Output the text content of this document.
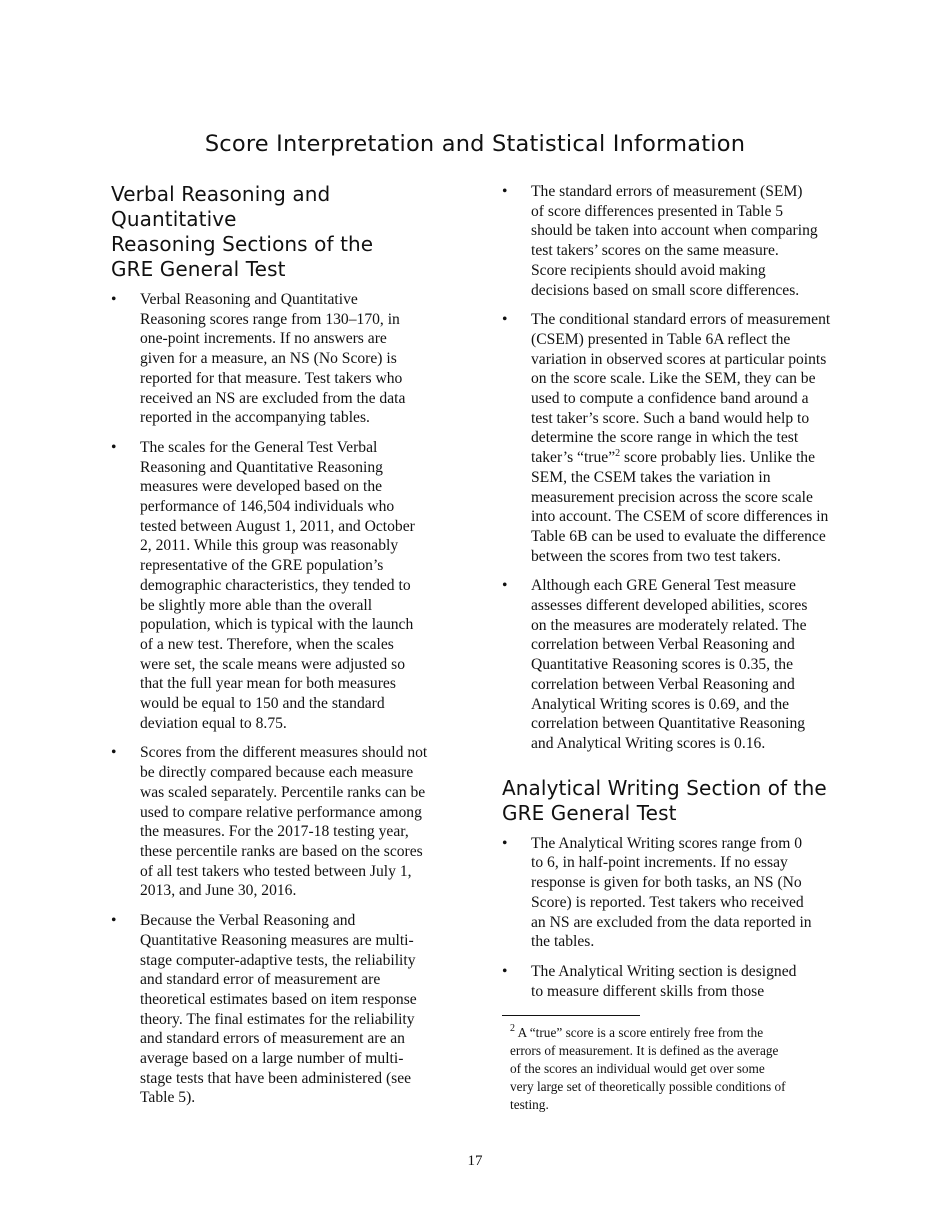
Score Interpretation and Statistical Information
Verbal Reasoning and Quantitative
Reasoning Sections of the
GRE General Test
• Verbal Reasoning and Quantitative
Reasoning scores range from 130–170, in
one-point increments. If no answers are
given for a measure, an NS (No Score) is
reported for that measure. Test takers who
received an NS are excluded from the data
reported in the accompanying tables.
• The scales for the General Test Verbal
Reasoning and Quantitative Reasoning
measures were developed based on the
performance of 146,504 individuals who
tested between August 1, 2011, and October
2, 2011. While this group was reasonably
representative of the GRE population’s
demographic characteristics, they tended to
be slightly more able than the overall
population, which is typical with the launch
of a new test. Therefore, when the scales
were set, the scale means were adjusted so
that the full year mean for both measures
would be equal to 150 and the standard
deviation equal to 8.75.
• Scores from the different measures should not
be directly compared because each measure
was scaled separately. Percentile ranks can be
used to compare relative performance among
the measures. For the 2017-18 testing year,
these percentile ranks are based on the scores
of all test takers who tested between July 1,
2013, and June 30, 2016.
• Because the Verbal Reasoning and
Quantitative Reasoning measures are multi-
stage computer-adaptive tests, the reliability
and standard error of measurement are
theoretical estimates based on item response
theory. The final estimates for the reliability
and standard errors of measurement are an
average based on a large number of multi-
stage tests that have been administered (see
Table 5).
• The standard errors of measurement (SEM)
of score differences presented in Table 5
should be taken into account when comparing
test takers’ scores on the same measure.
Score recipients should avoid making
decisions based on small score differences.
• The conditional standard errors of measurement
(CSEM) presented in Table 6A reflect the
variation in observed scores at particular points
on the score scale. Like the SEM, they can be
used to compute a confidence band around a
test taker’s score. Such a band would help to
determine the score range in which the test
taker’s “true”$^2$ score probably lies. Unlike the
SEM, the CSEM takes the variation in
measurement precision across the score scale
into account. The CSEM of score differences in
Table 6B can be used to evaluate the difference
between the scores from two test takers.
• Although each GRE General Test measure
assesses different developed abilities, scores
on the measures are moderately related. The
correlation between Verbal Reasoning and
Quantitative Reasoning scores is 0.35, the
correlation between Verbal Reasoning and
Analytical Writing scores is 0.69, and the
correlation between Quantitative Reasoning
and Analytical Writing scores is 0.16.
Analytical Writing Section of the
GRE General Test
• The Analytical Writing scores range from 0
to 6, in half-point increments. If no essay
response is given for both tasks, an NS (No
Score) is reported. Test takers who received
an NS are excluded from the data reported in
the tables.
• The Analytical Writing section is designed
to measure different skills from those
$^2$ A “true” score is a score entirely free from the
errors of measurement. It is defined as the average
of the scores an individual would get over some
very large set of theoretically possible conditions of
testing.
17
